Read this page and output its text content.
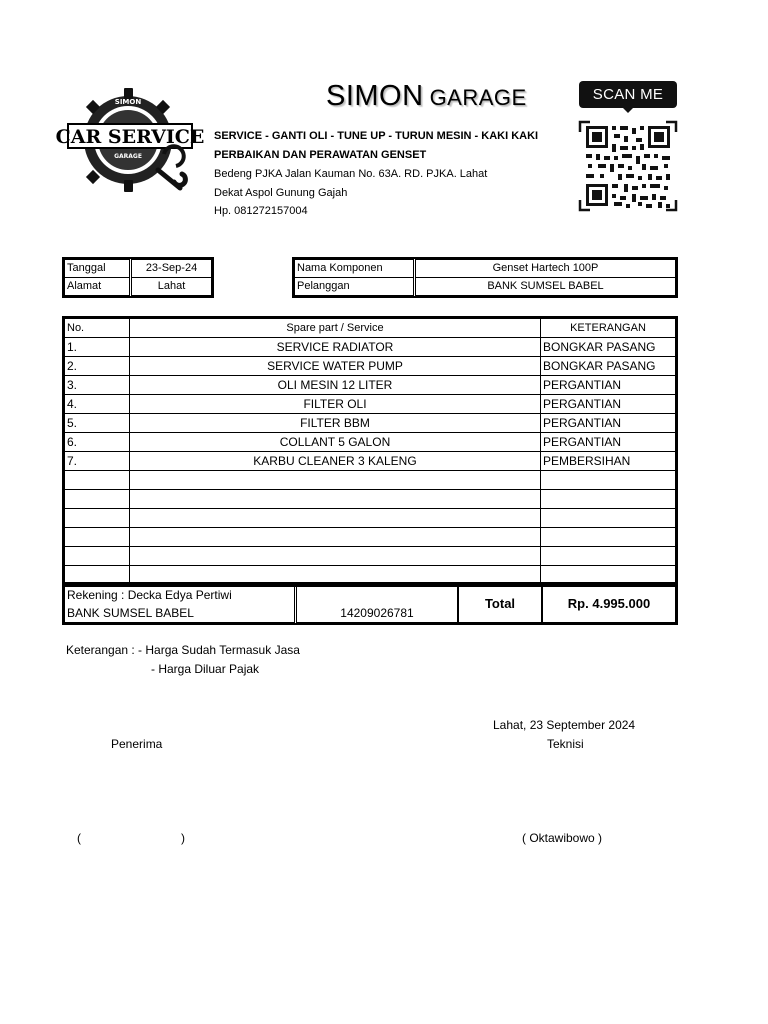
CAR SERVICE
SIMON
GARAGE
SIMON GARAGE
SERVICE - GANTI OLI - TUNE UP - TURUN MESIN - KAKI KAKI
PERBAIKAN DAN PERAWATAN GENSET
Bedeng PJKA Jalan Kauman No. 63A. RD. PJKA. Lahat
Dekat Aspol Gunung Gajah
Hp. 081272157004
SCAN ME
Tanggal	23-Sep-24
Alamat	Lahat
Nama Komponen	Genset Hartech 100P
Pelanggan	BANK SUMSEL BABEL
No.	Spare part / Service	KETERANGAN
1.	SERVICE RADIATOR	BONGKAR PASANG
2.	SERVICE WATER PUMP	BONGKAR PASANG
3.	OLI MESIN 12 LITER	PERGANTIAN
4.	FILTER OLI	PERGANTIAN
5.	FILTER BBM	PERGANTIAN
6.	COLLANT 5 GALON	PERGANTIAN
7.	KARBU CLEANER 3 KALENG	PEMBERSIHAN

Rekening : Decka Edya Pertiwi
BANK SUMSEL BABEL	14209026781	Total	Rp. 4.995.000
Keterangan : - Harga Sudah Termasuk Jasa
- Harga Diluar Pajak
Lahat, 23 September 2024
Penerima	Teknisi
(                              )	( Oktawibowo )
